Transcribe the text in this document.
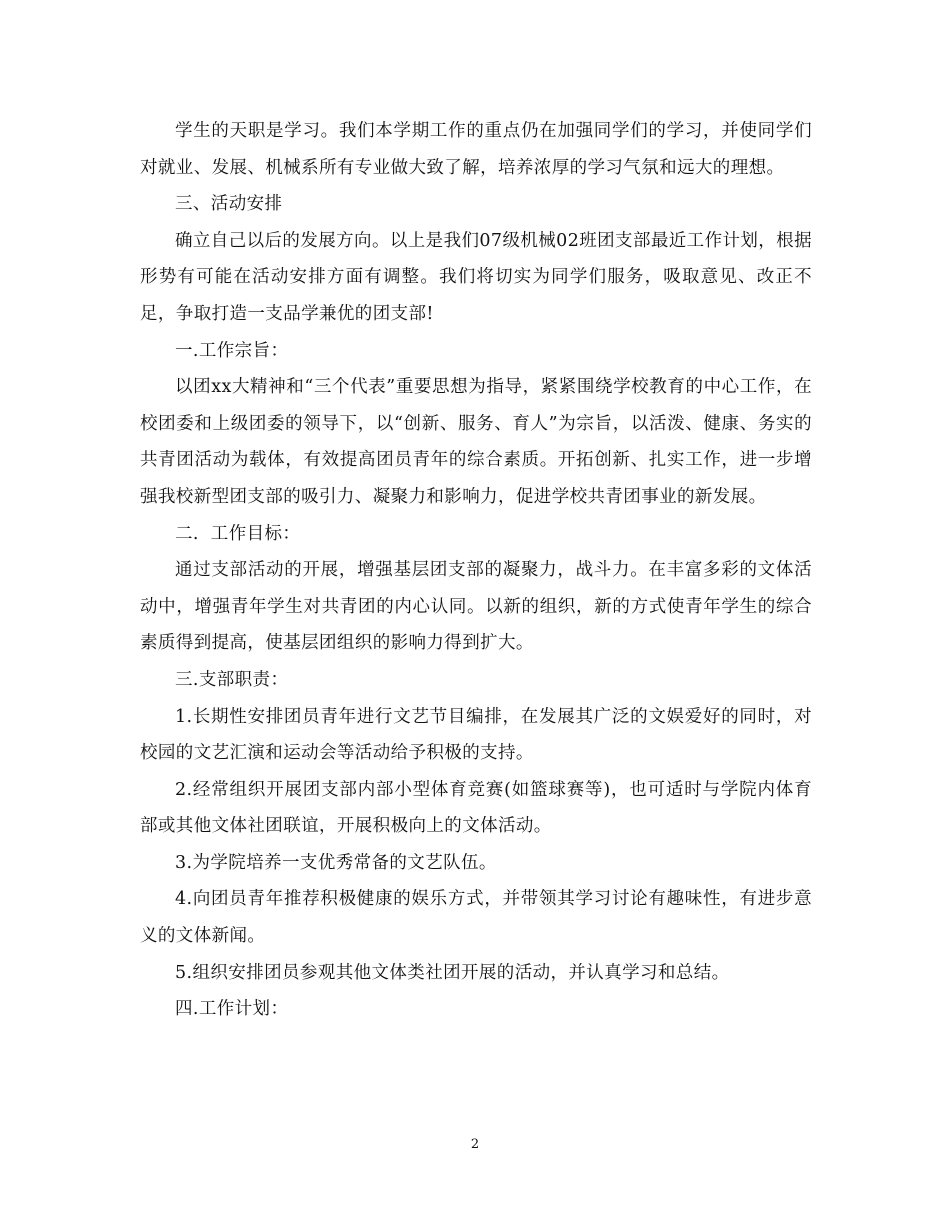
学生的天职是学习。我们本学期工作的重点仍在加强同学们的学习，并使同学们对就业、发展、机械系所有专业做大致了解，培养浓厚的学习气氛和远大的理想。

三、活动安排

确立自己以后的发展方向。以上是我们07级机械02班团支部最近工作计划，根据形势有可能在活动安排方面有调整。我们将切实为同学们服务，吸取意见、改正不足，争取打造一支品学兼优的团支部!

一.工作宗旨：

以团xx大精神和“三个代表”重要思想为指导，紧紧围绕学校教育的中心工作，在校团委和上级团委的领导下，以“创新、服务、育人”为宗旨，以活泼、健康、务实的共青团活动为载体，有效提高团员青年的综合素质。开拓创新、扎实工作，进一步增强我校新型团支部的吸引力、凝聚力和影响力，促进学校共青团事业的新发展。

二.  工作目标：

通过支部活动的开展，增强基层团支部的凝聚力，战斗力。在丰富多彩的文体活动中，增强青年学生对共青团的内心认同。以新的组织，新的方式使青年学生的综合素质得到提高，使基层团组织的影响力得到扩大。

三.支部职责：

1.长期性安排团员青年进行文艺节目编排，在发展其广泛的文娱爱好的同时，对校园的文艺汇演和运动会等活动给予积极的支持。

2.经常组织开展团支部内部小型体育竞赛(如篮球赛等)，也可适时与学院内体育部或其他文体社团联谊，开展积极向上的文体活动。

3.为学院培养一支优秀常备的文艺队伍。

4.向团员青年推荐积极健康的娱乐方式，并带领其学习讨论有趣味性，有进步意义的文体新闻。

5.组织安排团员参观其他文体类社团开展的活动，并认真学习和总结。

四.工作计划：

2
